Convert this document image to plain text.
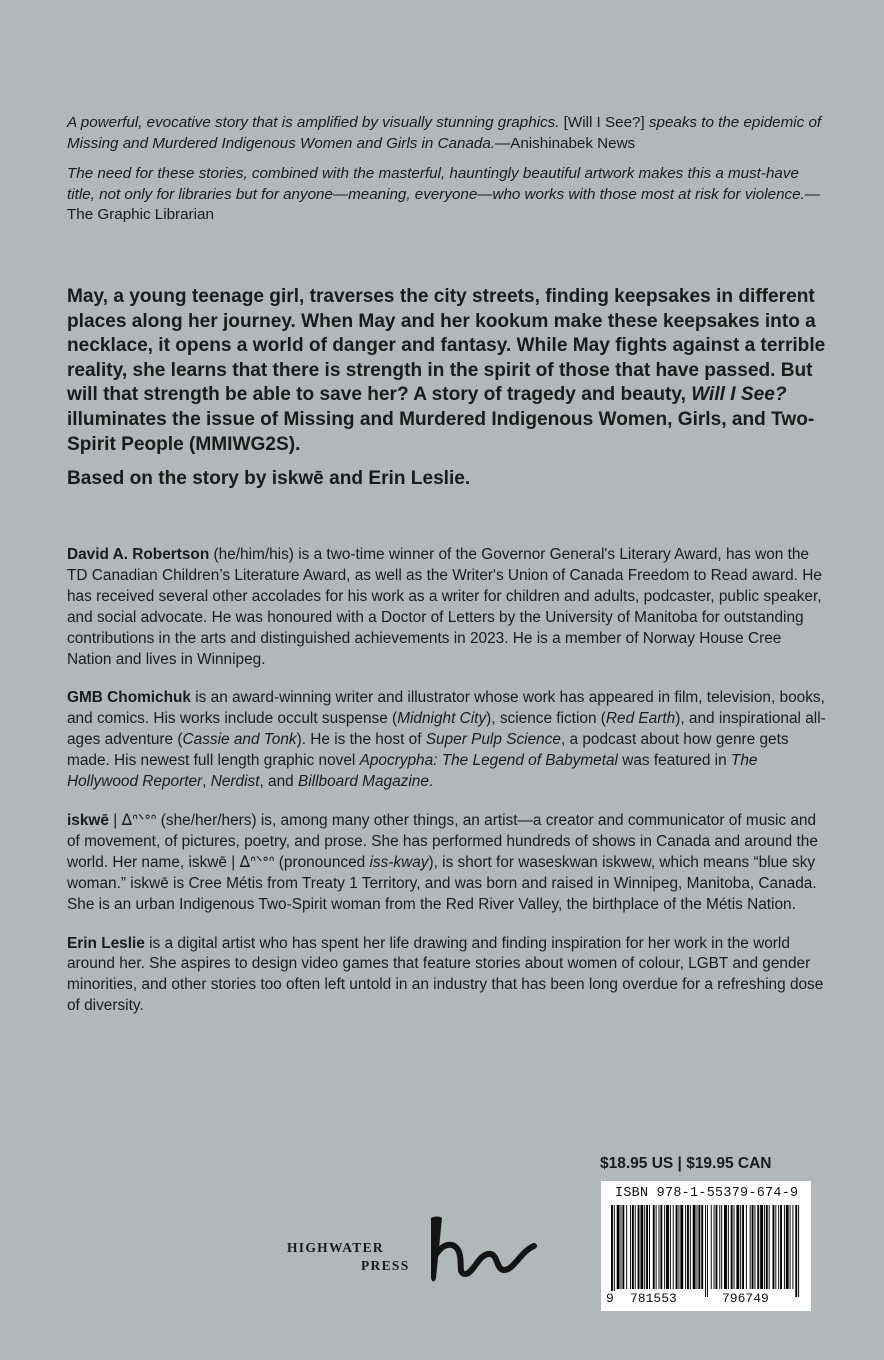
A powerful, evocative story that is amplified by visually stunning graphics. [Will I See?] speaks to the epidemic of Missing and Murdered Indigenous Women and Girls in Canada.—Anishinabek News

The need for these stories, combined with the masterful, hauntingly beautiful artwork makes this a must-have title, not only for libraries but for anyone—meaning, everyone—who works with those most at risk for violence.—The Graphic Librarian

May, a young teenage girl, traverses the city streets, finding keepsakes in different places along her journey. When May and her kookum make these keepsakes into a necklace, it opens a world of danger and fantasy. While May fights against a terrible reality, she learns that there is strength in the spirit of those that have passed. But will that strength be able to save her? A story of tragedy and beauty, Will I See? illuminates the issue of Missing and Murdered Indigenous Women, Girls, and Two-Spirit People (MMIWG2S).

Based on the story by iskwē and Erin Leslie.

David A. Robertson (he/him/his) is a two-time winner of the Governor General's Literary Award, has won the TD Canadian Children’s Literature Award, as well as the Writer's Union of Canada Freedom to Read award. He has received several other accolades for his work as a writer for children and adults, podcaster, public speaker, and social advocate. He was honoured with a Doctor of Letters by the University of Manitoba for outstanding contributions in the arts and distinguished achievements in 2023. He is a member of Norway House Cree Nation and lives in Winnipeg.

GMB Chomichuk is an award-winning writer and illustrator whose work has appeared in film, television, books, and comics. His works include occult suspense (Midnight City), science fiction (Red Earth), and inspirational all-ages adventure (Cassie and Tonk). He is the host of Super Pulp Science, a podcast about how genre gets made. His newest full length graphic novel Apocrypha: The Legend of Babymetal was featured in The Hollywood Reporter, Nerdist, and Billboard Magazine.

iskwē | ᐃᐢᐠᐤᐢ (she/her/hers) is, among many other things, an artist—a creator and communicator of music and of movement, of pictures, poetry, and prose. She has performed hundreds of shows in Canada and around the world. Her name, iskwē | ᐃᐢᐠᐤᐢ (pronounced iss-kway), is short for waseskwan iskwew, which means “blue sky woman.” iskwē is Cree Métis from Treaty 1 Territory, and was born and raised in Winnipeg, Manitoba, Canada. She is an urban Indigenous Two-Spirit woman from the Red River Valley, the birthplace of the Métis Nation.

Erin Leslie is a digital artist who has spent her life drawing and finding inspiration for her work in the world around her. She aspires to design video games that feature stories about women of colour, LGBT and gender minorities, and other stories too often left untold in an industry that has been long overdue for a refreshing dose of diversity.

$18.95 US | $19.95 CAN
ISBN 978-1-55379-674-9
9 781553	796749
HIGHWATER
PRESS
